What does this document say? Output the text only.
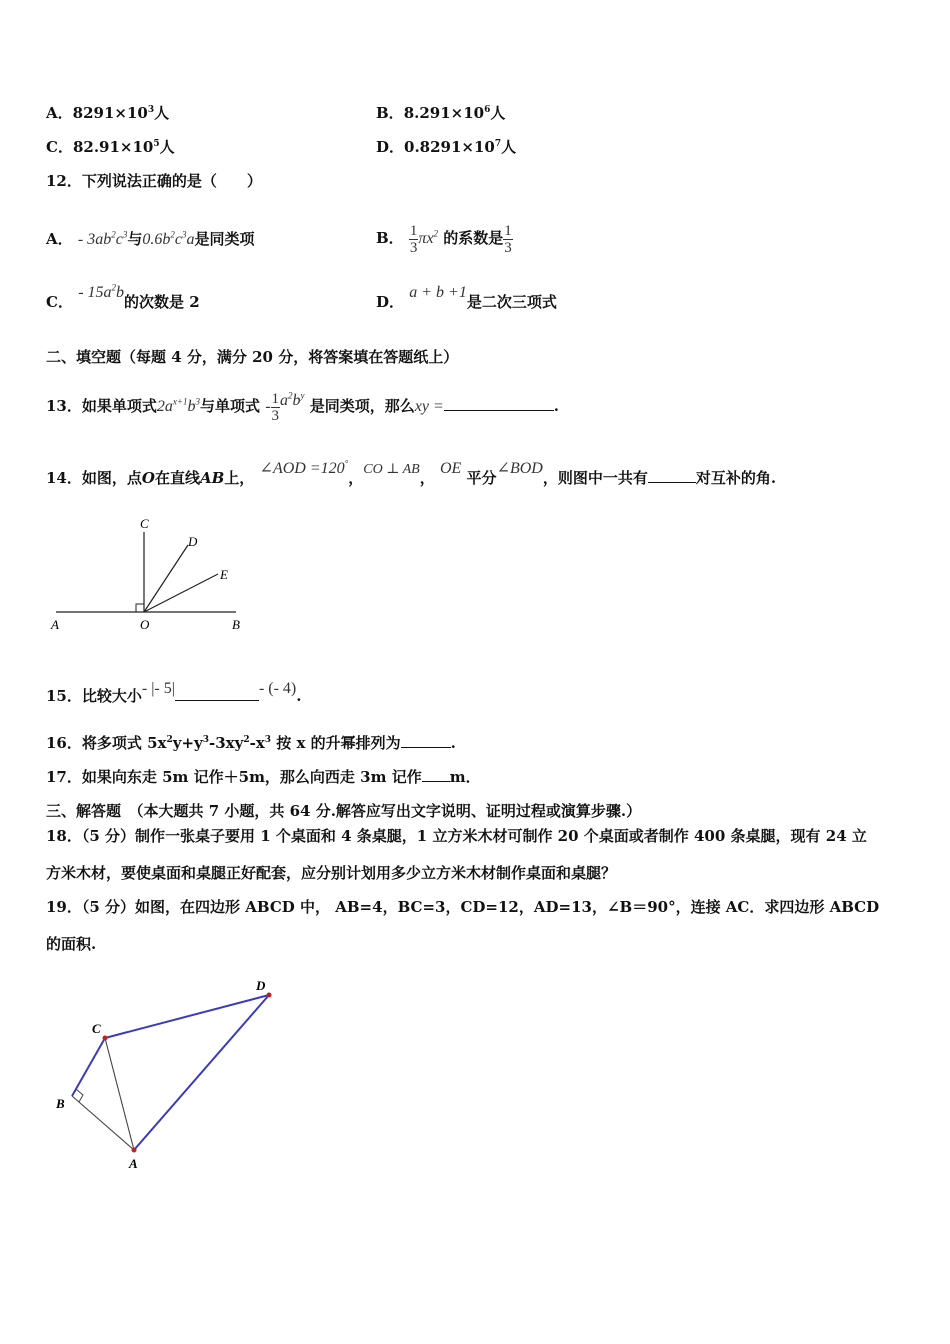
A．$8291\times 10^3$人	B．$8.291\times 10^6$人
C．$82.91\times 10^5$人	D．$0.8291\times 10^7$人
12．下列说法正确的是（　　）
A． - $3ab^2c^3$与$0.6b^2c^3a$是同类项	B． $\frac{1}{3} \pi x^2$ 的系数是 $\frac{1}{3}$
C． - $15a^2b$的次数是 2	D． a + b +1是二次三项式
二、填空题（每题 4 分，满分 20 分，将答案填在答题纸上）
13．如果单项式$2a^{x+1}b^3$与单项式 - $\frac{1}{3} a^2b^y$ 是同类项，那么xy =	.
14．如图，点O在直线AB上， ∠AOD =120°，CO ⊥ AB， OE 平分∠BOD，则图中一共有	对互补的角.
C
D
E
A	O	B
15．比较大小- |- 5|	- (- 4).
16．将多项式 $5x^2y+y^3-3xy^2-x^3$ 按 x 的升幂排列为	.
17．如果向东走 5m 记作＋5m，那么向西走 3m 记作 m．
三、解答题　（本大题共 7 小题，共 64 分.解答应写出文字说明、证明过程或演算步骤.）
18．（5 分）制作一张桌子要用 1 个桌面和 4 条桌腿，1 立方米木材可制作 20 个桌面或者制作 400 条桌腿，现有 24 立
方米木材，要使桌面和桌腿正好配套，应分别计划用多少立方米木材制作桌面和桌腿？
19．（5 分）如图，在四边形 ABCD 中， AB=4，BC=3，CD=12，AD=13，∠B＝90°，连接 AC．求四边形 ABCD
的面积.
D
C
B
A
